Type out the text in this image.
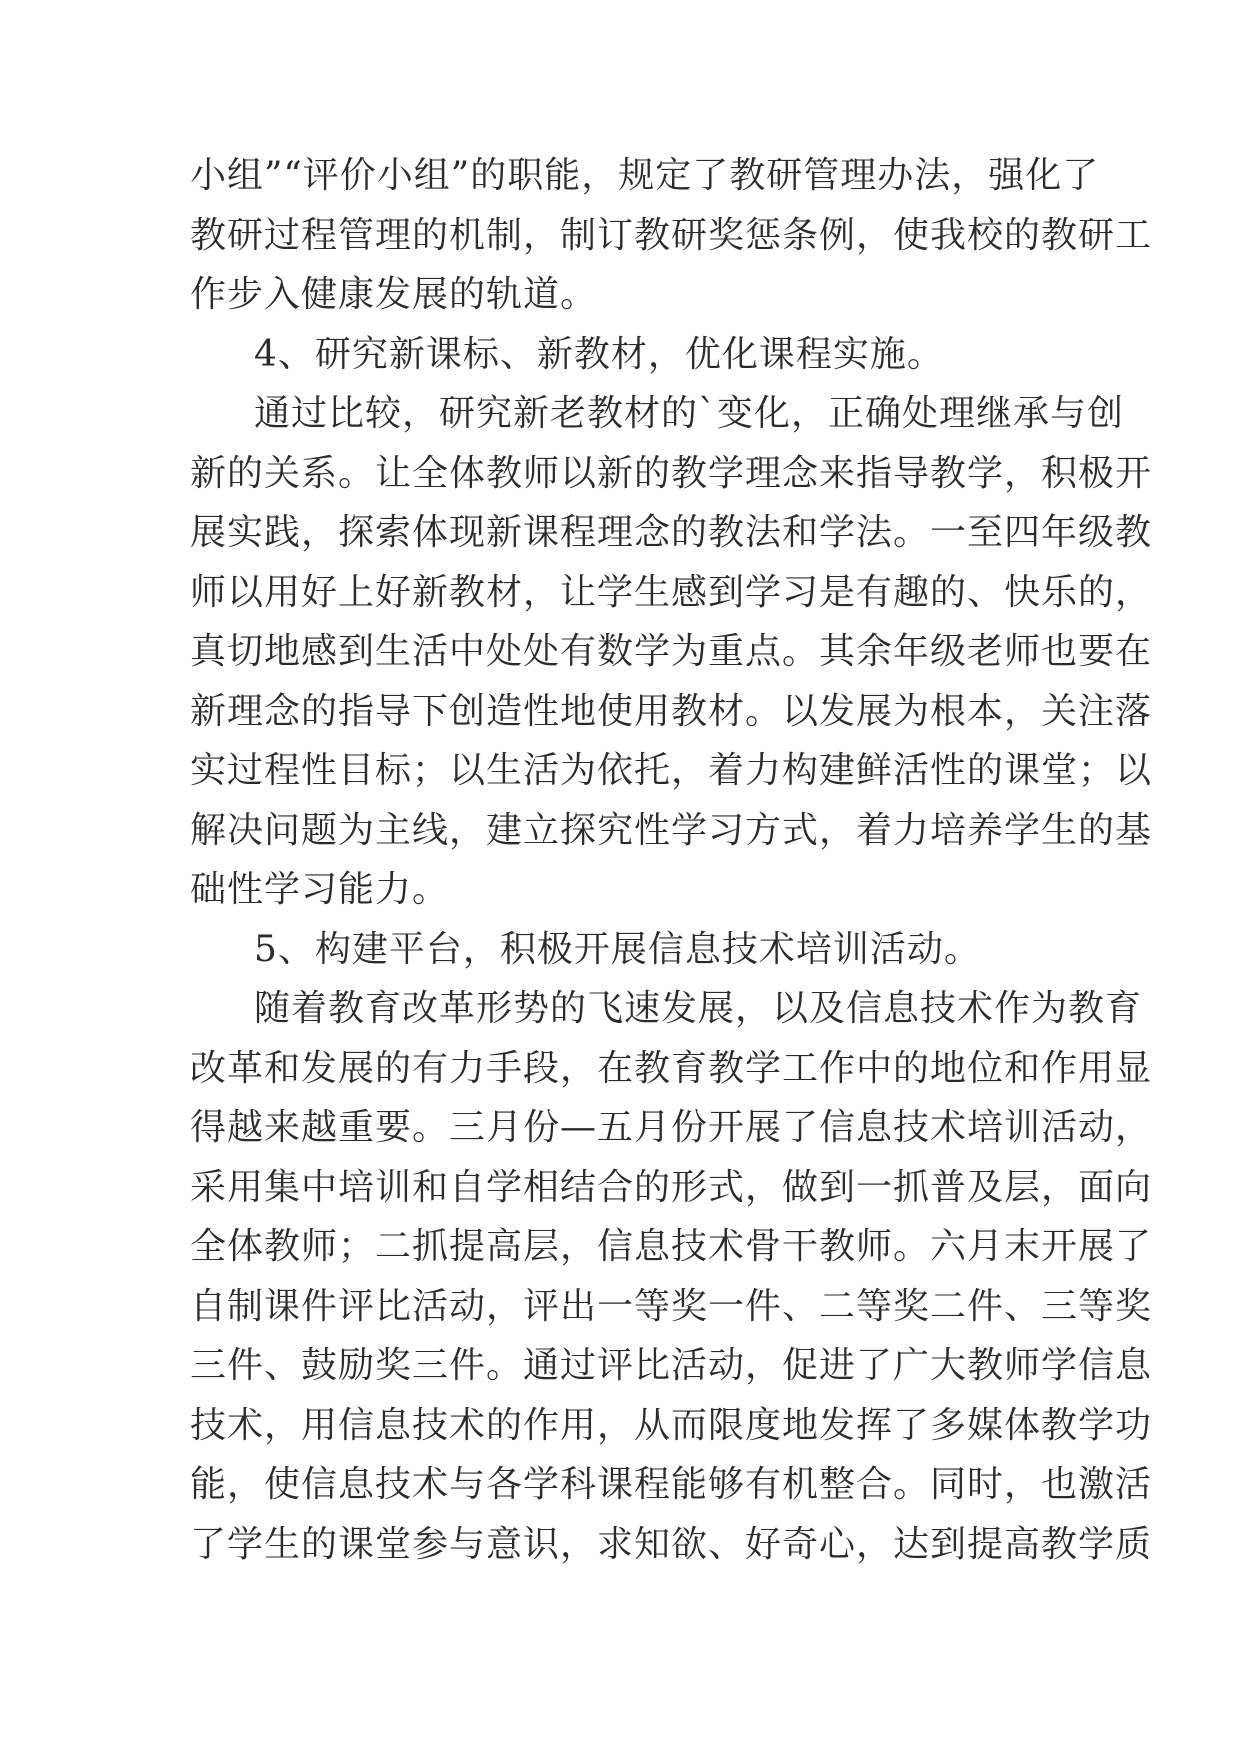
小组”“评价小组”的职能，规定了教研管理办法，强化了
教研过程管理的机制，制订教研奖惩条例，使我校的教研工
作步入健康发展的轨道。
4、研究新课标、新教材，优化课程实施。
通过比较，研究新老教材的`变化，正确处理继承与创
新的关系。让全体教师以新的教学理念来指导教学，积极开
展实践，探索体现新课程理念的教法和学法。一至四年级教
师以用好上好新教材，让学生感到学习是有趣的、快乐的，
真切地感到生活中处处有数学为重点。其余年级老师也要在
新理念的指导下创造性地使用教材。以发展为根本，关注落
实过程性目标；以生活为依托，着力构建鲜活性的课堂；以
解决问题为主线，建立探究性学习方式，着力培养学生的基
础性学习能力。
5、构建平台，积极开展信息技术培训活动。
随着教育改革形势的飞速发展，以及信息技术作为教育
改革和发展的有力手段，在教育教学工作中的地位和作用显
得越来越重要。三月份—五月份开展了信息技术培训活动，
采用集中培训和自学相结合的形式，做到一抓普及层，面向
全体教师；二抓提高层，信息技术骨干教师。六月末开展了
自制课件评比活动，评出一等奖一件、二等奖二件、三等奖
三件、鼓励奖三件。通过评比活动，促进了广大教师学信息
技术，用信息技术的作用，从而限度地发挥了多媒体教学功
能，使信息技术与各学科课程能够有机整合。同时，也激活
了学生的课堂参与意识，求知欲、好奇心，达到提高教学质
